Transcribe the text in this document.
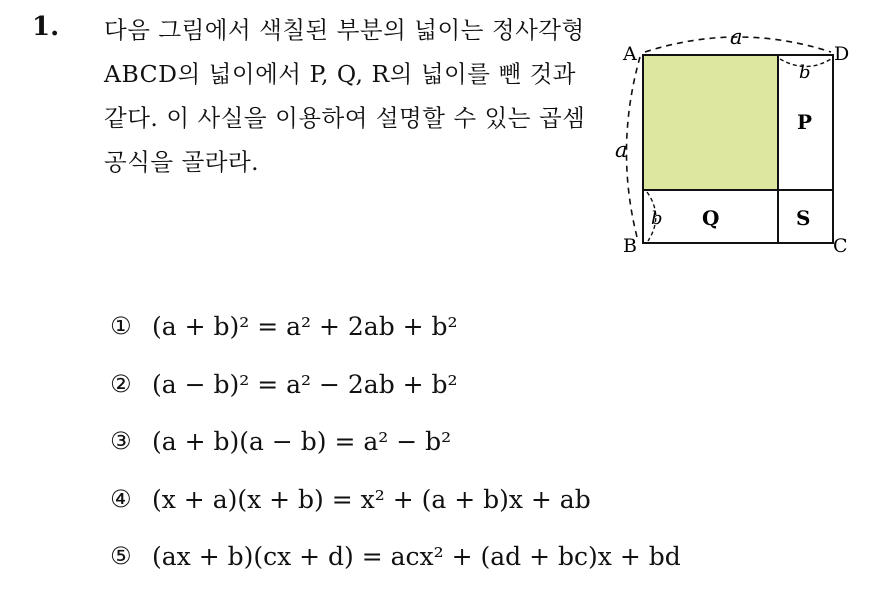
1. 다음 그림에서 색칠된 부분의 넓이는 정사각형 ABCD의 넓이에서 P, Q, R의 넓이를 뺀 것과 같다. 이 사실을 이용하여 설명할 수 있는 곱셈 공식을 골라라.
A	D
B	C
a
a
b
b
P
Q	S
① (a + b)² = a² + 2ab + b²
② (a − b)² = a² − 2ab + b²
③ (a + b)(a − b) = a² − b²
④ (x + a)(x + b) = x² + (a + b)x + ab
⑤ (ax + b)(cx + d) = acx² + (ad + bc)x + bd
